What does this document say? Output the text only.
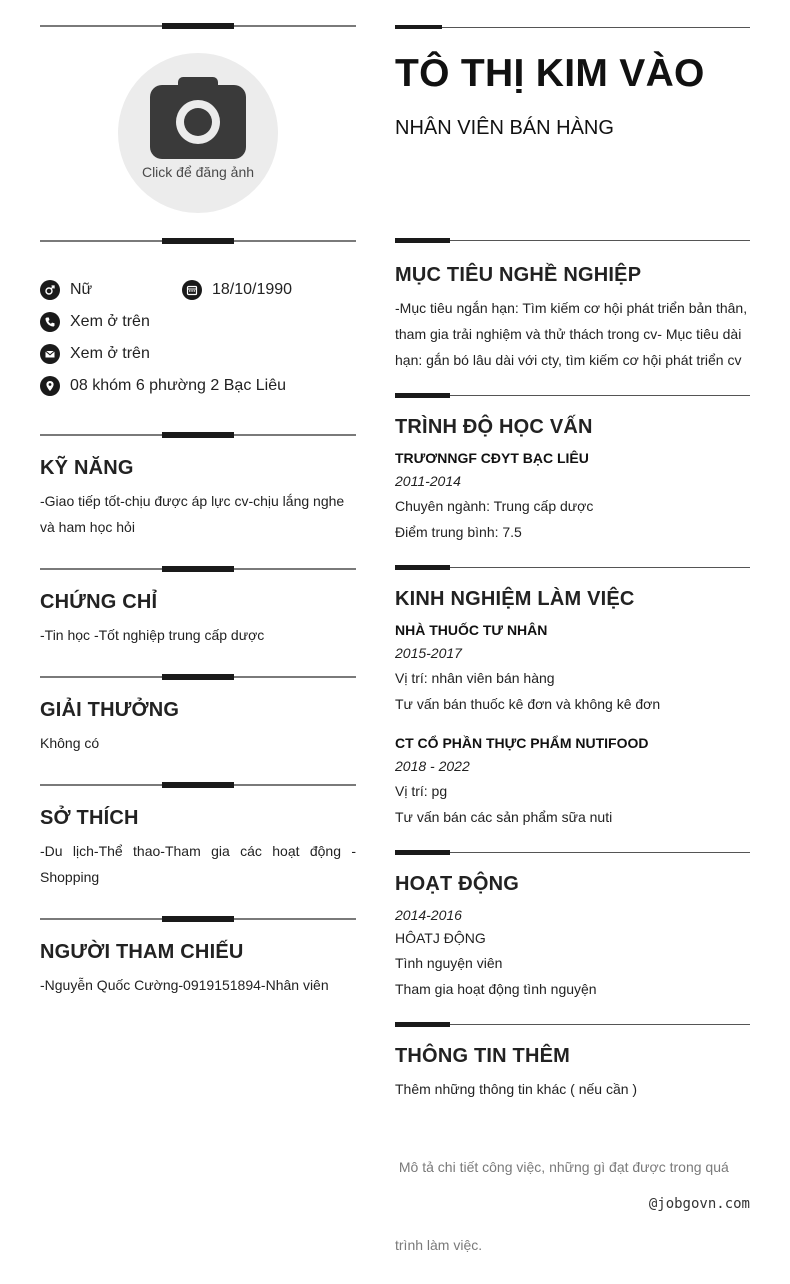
Click để đăng ảnh
Nữ	18/10/1990
Xem ở trên
Xem ở trên
08 khóm 6 phường 2 Bạc Liêu
KỸ NĂNG
-Giao tiếp tốt-chịu được áp lực cv-chịu lắng nghe
và ham học hỏi
CHỨNG CHỈ
-Tin học -Tốt nghiệp trung cấp dược
GIẢI THƯỞNG
Không có
SỞ THÍCH
-Du lịch-Thể thao-Tham gia các hoạt động -
Shopping
NGƯỜI THAM CHIẾU
-Nguyễn Quốc Cường-0919151894-Nhân viên
TÔ THỊ KIM VÀO
NHÂN VIÊN BÁN HÀNG
MỤC TIÊU NGHỀ NGHIỆP
-Mục tiêu ngắn hạn: Tìm kiếm cơ hội phát triển bản thân,
tham gia trải nghiệm và thử thách trong cv- Mục tiêu dài
hạn: gắn bó lâu dài với cty, tìm kiếm cơ hội phát triển cv
TRÌNH ĐỘ HỌC VẤN
TRƯƠNNGF CĐYT BẠC LIÊU
2011-2014
Chuyên ngành: Trung cấp dược
Điểm trung bình: 7.5
KINH NGHIỆM LÀM VIỆC
NHÀ THUỐC TƯ NHÂN
2015-2017
Vị trí: nhân viên bán hàng
Tư vấn bán thuốc kê đơn và không kê đơn
CT CỔ PHẦN THỰC PHẨM NUTIFOOD
2018 - 2022
Vị trí: pg
Tư vấn bán các sản phẩm sữa nuti
HOẠT ĐỘNG
2014-2016
HÔATJ ĐỘNG
Tình nguyện viên
Tham gia hoạt động tình nguyện
THÔNG TIN THÊM
Thêm những thông tin khác ( nếu cần )

Mô tả chi tiết công việc, những gì đạt được trong quá

trình làm việc.

@jobgovn.com
